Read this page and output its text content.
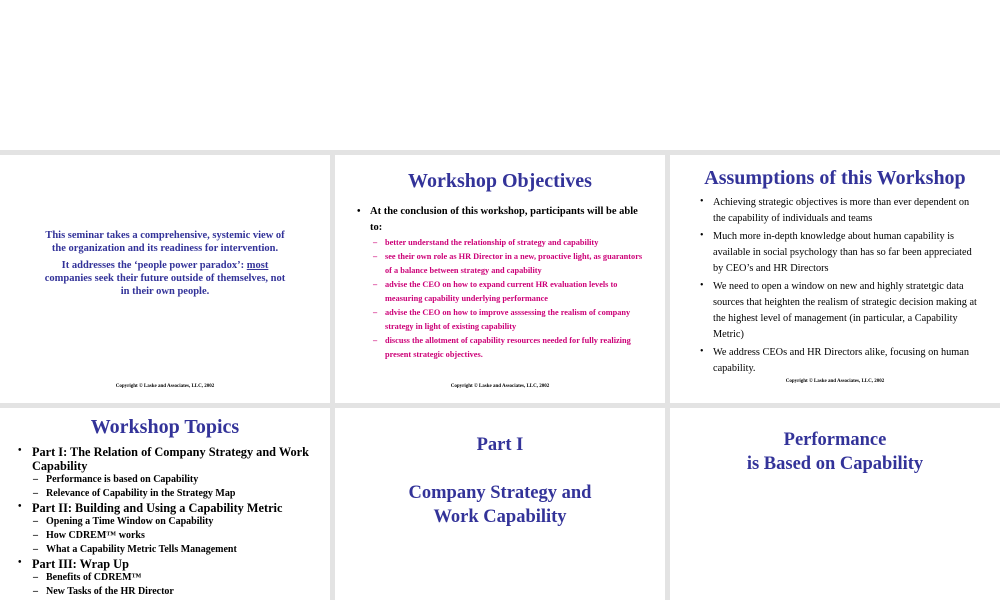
This seminar takes a comprehensive, systemic view of the organization and its readiness for intervention.

It addresses the ‘people power paradox’: most companies seek their future outside of themselves, not in their own people.

Copyright © Laske and Associates, LLC, 2002
Workshop Objectives
• At the conclusion of this workshop, participants will be able to:
– better understand the relationship of strategy and capability
– see their own role as HR Director in a new, proactive light, as guarantors of a balance between strategy and capability
– advise the CEO on how to expand current HR evaluation levels to measuring capability underlying performance
– advise the CEO on how to improve asssessing the realism of company strategy in light of existing capability
– discuss the allotment of capability resources needed for fully realizing present strategic objectives.
Copyright © Laske and Associates, LLC, 2002
Assumptions of this Workshop
• Achieving strategic objectives is more than ever dependent on the capability of individuals and teams
• Much more in-depth knowledge about human capability is available in social psychology than has so far been appreciated by CEO’s and HR Directors
• We need to open a window on new and highly stratetgic data sources that heighten the realism of strategic decision making at the highest level of management (in particular, a Capability Metric)
• We address CEOs and HR Directors alike, focusing on human capability.
Copyright © Laske and Associates, LLC, 2002
Workshop Topics
• Part I: The Relation of Company Strategy and Work Capability
– Performance is based on Capability
– Relevance of Capability in the Strategy Map
• Part II: Building and Using a Capability Metric
– Opening a Time Window on Capability
– How CDREM™ works
– What a Capability Metric Tells Management
• Part III: Wrap Up
– Benefits of CDREM™
– New Tasks of the HR Director
Part I
Company Strategy and
Work Capability
Performance
is Based on Capability
